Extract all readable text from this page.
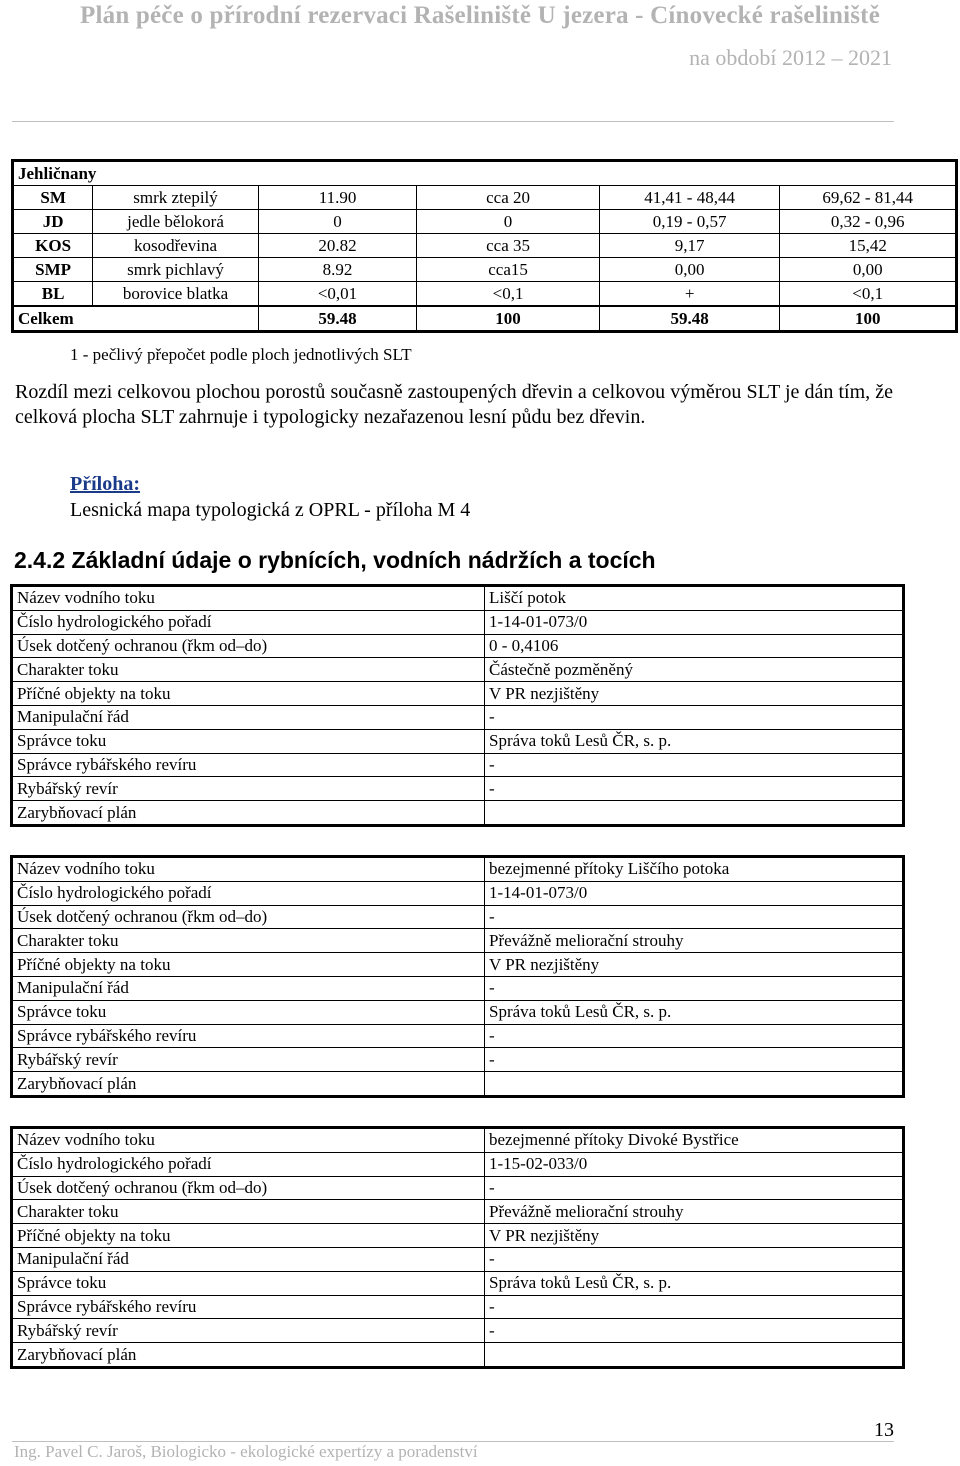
Plán péče o přírodní rezervaci Rašeliniště U jezera - Cínovecké rašeliniště
na období 2012 – 2021
Jehličnany					
SM	smrk ztepilý	11.90	cca 20	41,41 - 48,44	69,62 - 81,44
JD	jedle bělokorá	0	0	0,19 - 0,57	0,32 - 0,96
KOS	kosodřevina	20.82	cca 35	9,17	15,42
SMP	smrk pichlavý	8.92	cca15	0,00	0,00
BL	borovice blatka	<0,01	<0,1	+	<0,1
Celkem		59.48	100	59.48	100
1 - pečlivý přepočet podle ploch jednotlivých SLT
Rozdíl mezi celkovou plochou porostů současně zastoupených dřevin a celkovou výměrou SLT je dán tím, že celková plocha SLT zahrnuje i typologicky nezařazenou lesní půdu bez dřevin.
Příloha:
Lesnická mapa typologická z OPRL - příloha M 4
2.4.2 Základní údaje o rybnících, vodních nádržích a tocích
Název vodního toku	Liščí potok
Číslo hydrologického pořadí	1-14-01-073/0
Úsek dotčený ochranou (řkm od–do)	0 - 0,4106
Charakter toku	Částečně pozměněný
Příčné objekty na toku	V PR nezjištěny
Manipulační řád	-
Správce toku	Správa toků Lesů ČR, s. p.
Správce rybářského revíru	-
Rybářský revír	-
Zarybňovací plán	
Název vodního toku	bezejmenné přítoky Liščího potoka
Číslo hydrologického pořadí	1-14-01-073/0
Úsek dotčený ochranou (řkm od–do)	-
Charakter toku	Převážně meliorační strouhy
Příčné objekty na toku	V PR nezjištěny
Manipulační řád	-
Správce toku	Správa toků Lesů ČR, s. p.
Správce rybářského revíru	-
Rybářský revír	-
Zarybňovací plán	
Název vodního toku	bezejmenné přítoky Divoké Bystřice
Číslo hydrologického pořadí	1-15-02-033/0
Úsek dotčený ochranou (řkm od–do)	-
Charakter toku	Převážně meliorační strouhy
Příčné objekty na toku	V PR nezjištěny
Manipulační řád	-
Správce toku	Správa toků Lesů ČR, s. p.
Správce rybářského revíru	-
Rybářský revír	-
Zarybňovací plán	
13
Ing. Pavel C. Jaroš, Biologicko - ekologické expertízy a poradenství
